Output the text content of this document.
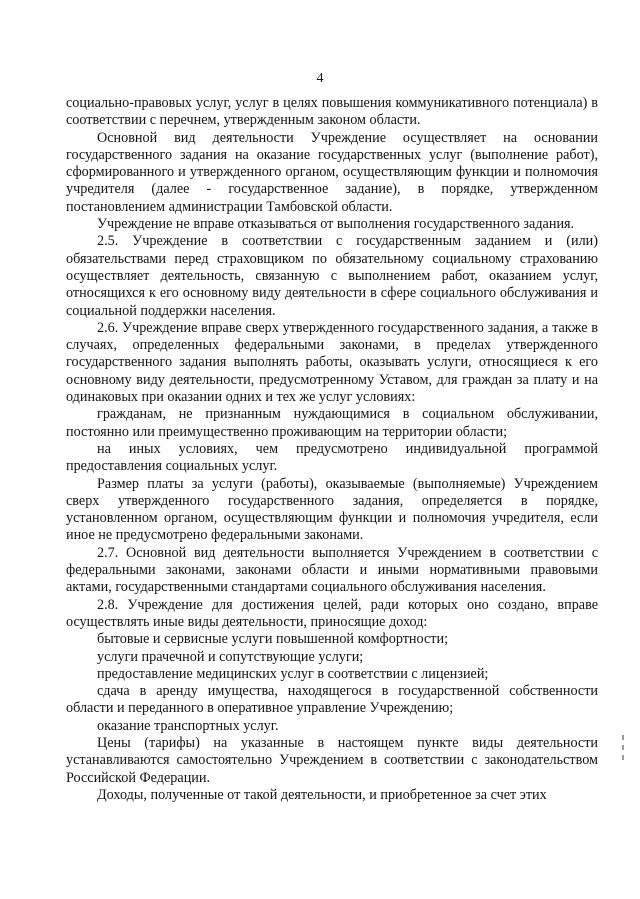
4

социально-правовых услуг, услуг в целях повышения коммуникативного потенциала) в соответствии с перечнем, утвержденным законом области.

Основной вид деятельности Учреждение осуществляет на основании государственного задания на оказание государственных услуг (выполнение работ), сформированного и утвержденного органом, осуществляющим функции и полномочия учредителя (далее - государственное задание), в порядке, утвержденном постановлением администрации Тамбовской области.

Учреждение не вправе отказываться от выполнения государственного задания.

2.5. Учреждение в соответствии с государственным заданием и (или) обязательствами перед страховщиком по обязательному социальному страхованию осуществляет деятельность, связанную с выполнением работ, оказанием услуг, относящихся к его основному виду деятельности в сфере социального обслуживания и социальной поддержки населения.

2.6. Учреждение вправе сверх утвержденного государственного задания, а также в случаях, определенных федеральными законами, в пределах утвержденного государственного задания выполнять работы, оказывать услуги, относящиеся к его основному виду деятельности, предусмотренному Уставом, для граждан за плату и на одинаковых при оказании одних и тех же услуг условиях:

гражданам, не признанным нуждающимися в социальном обслуживании, постоянно или преимущественно проживающим на территории области;

на иных условиях, чем предусмотрено индивидуальной программой предоставления социальных услуг.

Размер платы за услуги (работы), оказываемые (выполняемые) Учреждением сверх утвержденного государственного задания, определяется в порядке, установленном органом, осуществляющим функции и полномочия учредителя, если иное не предусмотрено федеральными законами.

2.7. Основной вид деятельности выполняется Учреждением в соответствии с федеральными законами, законами области и иными нормативными правовыми актами, государственными стандартами социального обслуживания населения.

2.8. Учреждение для достижения целей, ради которых оно создано, вправе осуществлять иные виды деятельности, приносящие доход:

бытовые и сервисные услуги повышенной комфортности;

услуги прачечной и сопутствующие услуги;

предоставление медицинских услуг в соответствии с лицензией;

сдача в аренду имущества, находящегося в государственной собственности области и переданного в оперативное управление Учреждению;

оказание транспортных услуг.

Цены (тарифы) на указанные в настоящем пункте виды деятельности устанавливаются самостоятельно Учреждением в соответствии с законодательством Российской Федерации.

Доходы, полученные от такой деятельности, и приобретенное за счет этих
